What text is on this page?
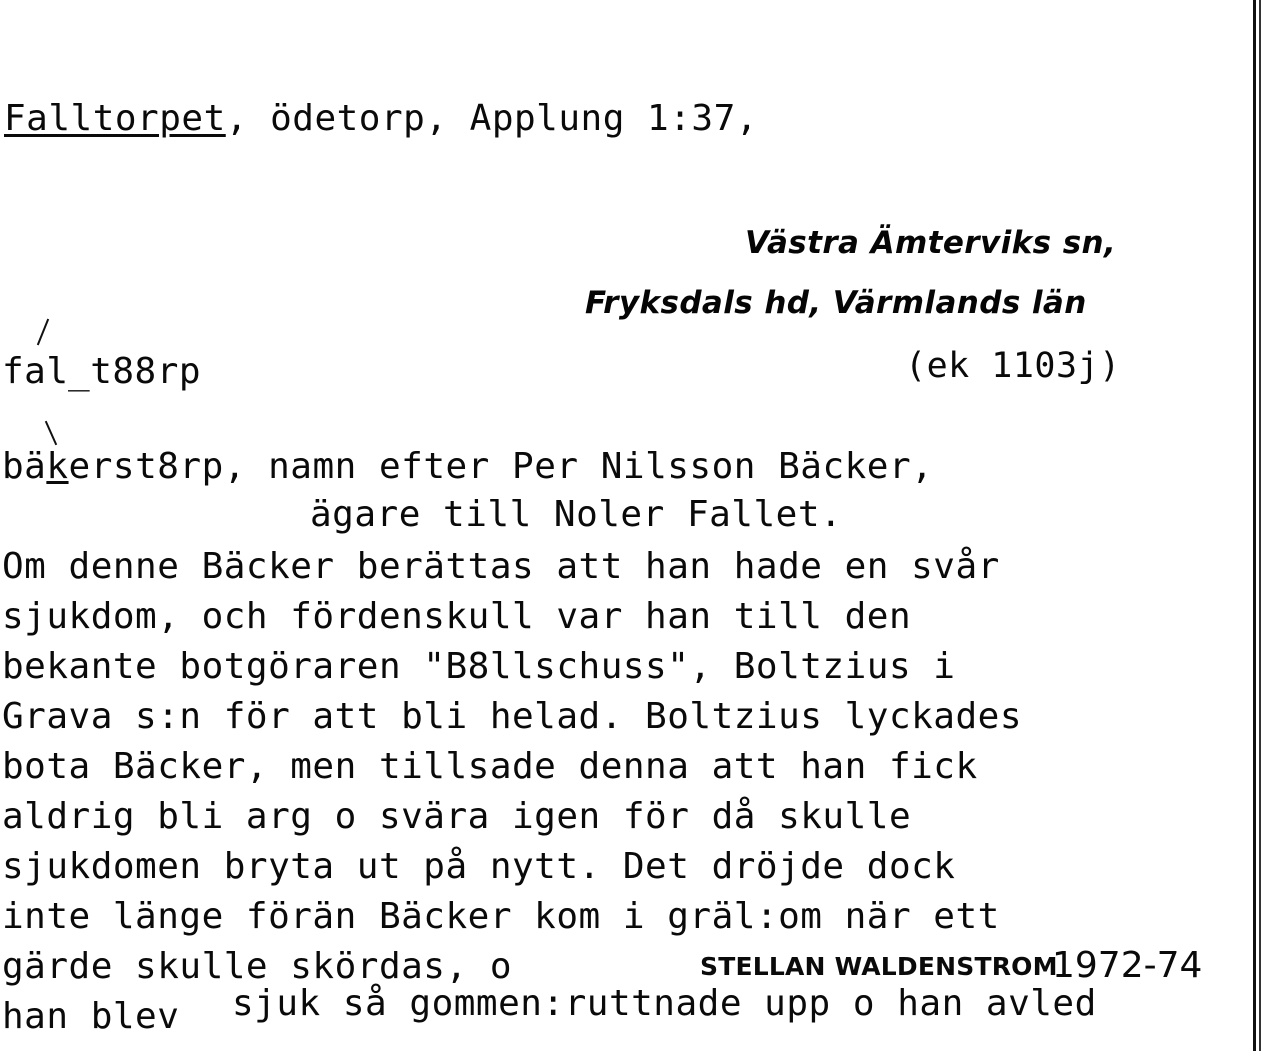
Falltorpet, ödetorp, Applung 1:37,
Västra Ämterviks sn,
Fryksdals hd, Värmlands län
(ek 1103j)
fal̲t88rp
bäkerst8rp, namn efter Per Nilsson Bäcker,
ägare till Noler Fallet.
Om denne Bäcker berättas att han hade en svår
sjukdom, och fördenskull var han till den
bekante botgöraren "B8llschuss", Boltzius i
Grava s:n för att bli helad. Boltzius lyckades
bota Bäcker, men tillsade denna att han fick
aldrig bli arg o svära igen för då skulle
sjukdomen bryta ut på nytt. Det dröjde dock
inte länge förän Bäcker kom i gräl:om när ett
gärde skulle skördas, o
han blev sjuk så gommen:ruttnade upp o han avled
STELLAN WALDENSTROM
1972-74
